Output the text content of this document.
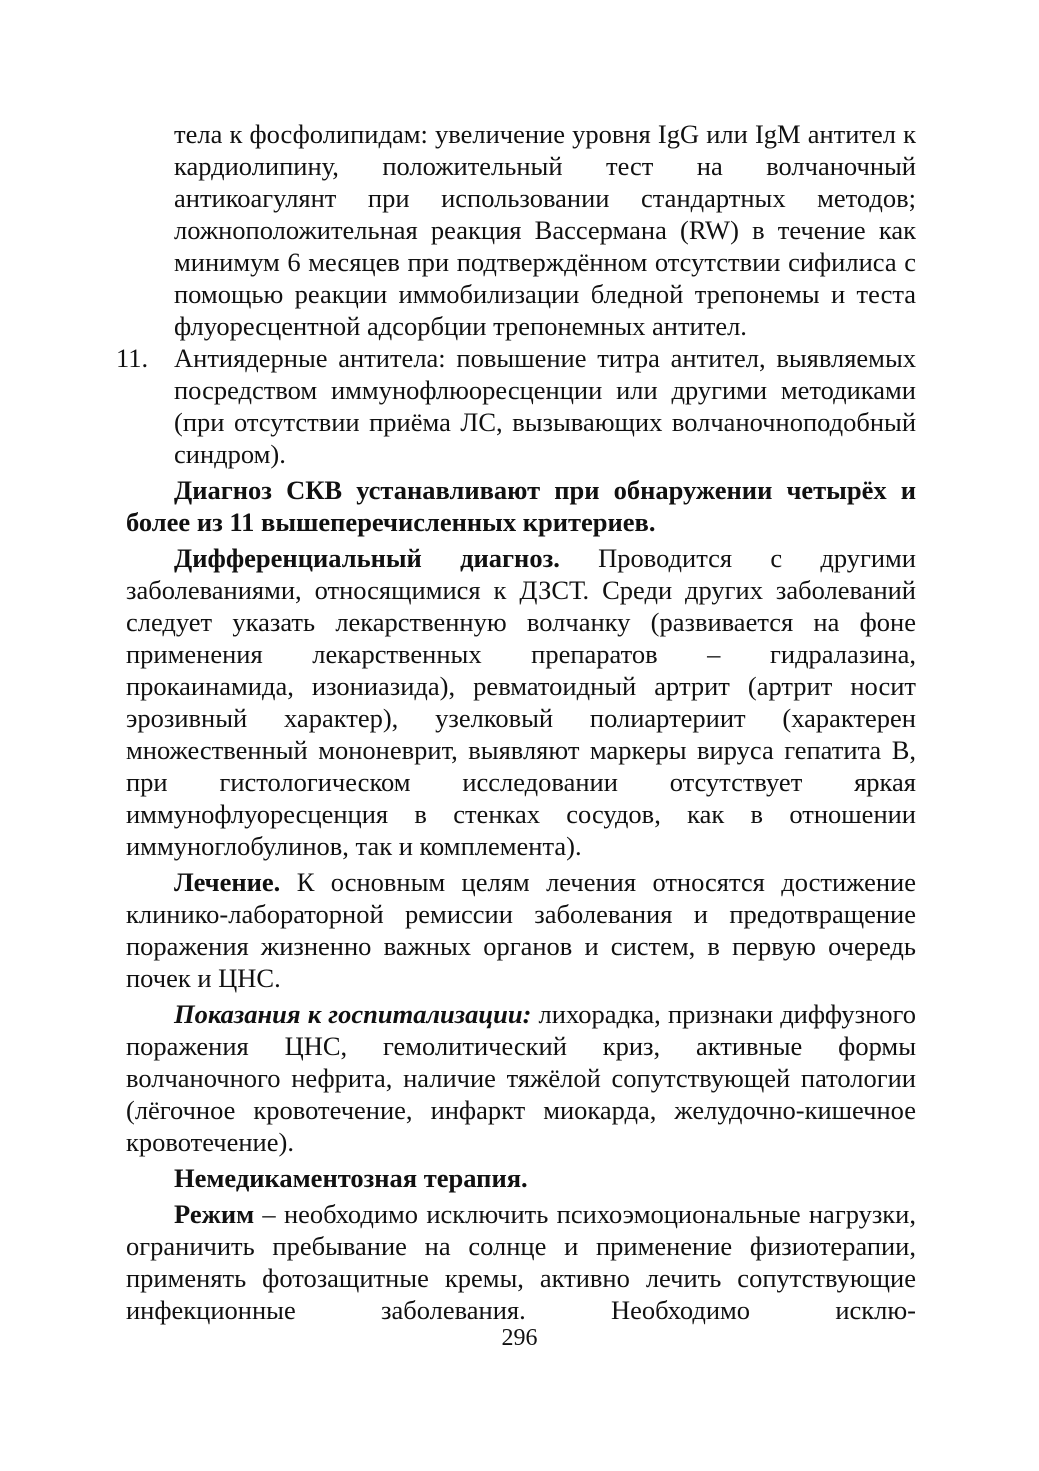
тела к фосфолипидам: увеличение уровня IgG или IgM антител к кардиолипину, положительный тест на волчаночный антикоагулянт при использовании стандартных методов; ложноположительная реакция Вассермана (RW) в течение как минимум 6 месяцев при подтверждённом отсутствии сифилиса с помощью реакции иммобилизации бледной трепонемы и теста флуоресцентной адсорбции трепонемных антител.

11. Антиядерные антитела: повышение титра антител, выявляемых посредством иммунофлюоресценции или другими методиками (при отсутствии приёма ЛС, вызывающих волчаночноподобный синдром).

Диагноз СКВ устанавливают при обнаружении четырёх и более из 11 вышеперечисленных критериев.

Дифференциальный диагноз. Проводится с другими заболеваниями, относящимися к ДЗСТ. Среди других заболеваний следует указать лекарственную волчанку (развивается на фоне применения лекарственных препаратов – гидралазина, прокаинамида, изониазида), ревматоидный артрит (артрит носит эрозивный характер), узелковый полиартериит (характерен множественный мононеврит, выявляют маркеры вируса гепатита В, при гистологическом исследовании отсутствует яркая иммунофлуоресценция в стенках сосудов, как в отношении иммуноглобулинов, так и комплемента).

Лечение. К основным целям лечения относятся достижение клинико-лабораторной ремиссии заболевания и предотвращение поражения жизненно важных органов и систем, в первую очередь почек и ЦНС.

Показания к госпитализации: лихорадка, признаки диффузного поражения ЦНС, гемолитический криз, активные формы волчаночного нефрита, наличие тяжёлой сопутствующей патологии (лёгочное кровотечение, инфаркт миокарда, желудочно-кишечное кровотечение).

Немедикаментозная терапия.

Режим – необходимо исключить психоэмоциональные нагрузки, ограничить пребывание на солнце и применение физиотерапии, применять фотозащитные кремы, активно лечить сопутствующие инфекционные заболевания. Необходимо исклю-

296
